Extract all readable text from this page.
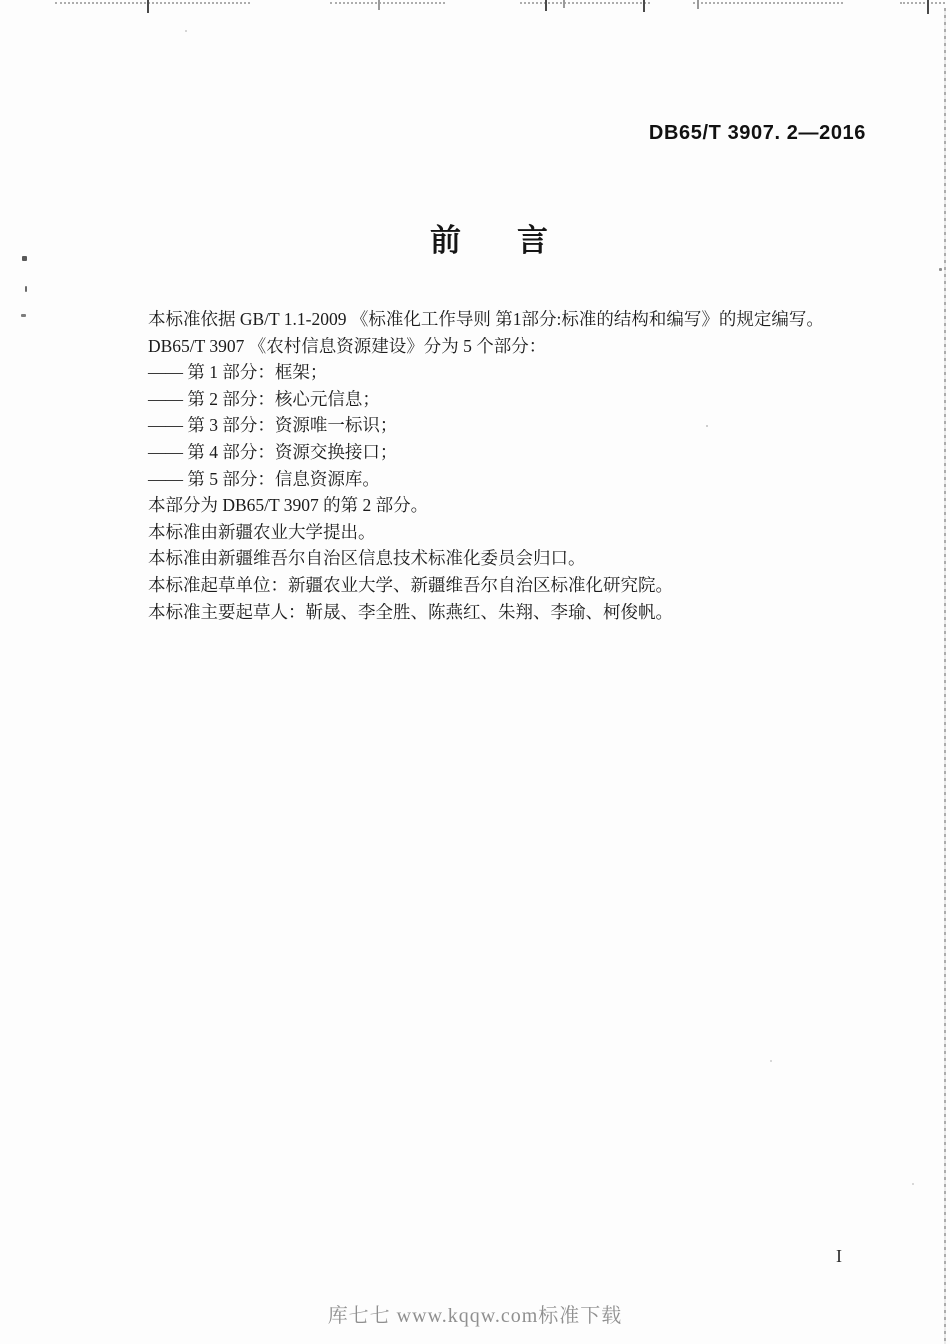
DB65/T 3907. 2—2016
前 言
本标准依据 GB/T 1.1-2009 《标准化工作导则 第1部分:标准的结构和编写》的规定编写。
DB65/T 3907 《农村信息资源建设》分为 5 个部分：
—— 第 1 部分：框架；
—— 第 2 部分：核心元信息；
—— 第 3 部分：资源唯一标识；
—— 第 4 部分：资源交换接口；
—— 第 5 部分：信息资源库。
本部分为 DB65/T 3907 的第 2 部分。
本标准由新疆农业大学提出。
本标准由新疆维吾尔自治区信息技术标准化委员会归口。
本标准起草单位：新疆农业大学、新疆维吾尔自治区标准化研究院。
本标准主要起草人：靳晟、李全胜、陈燕红、朱翔、李瑜、柯俊帆。
I
库七七 www.kqqw.com标准下载
